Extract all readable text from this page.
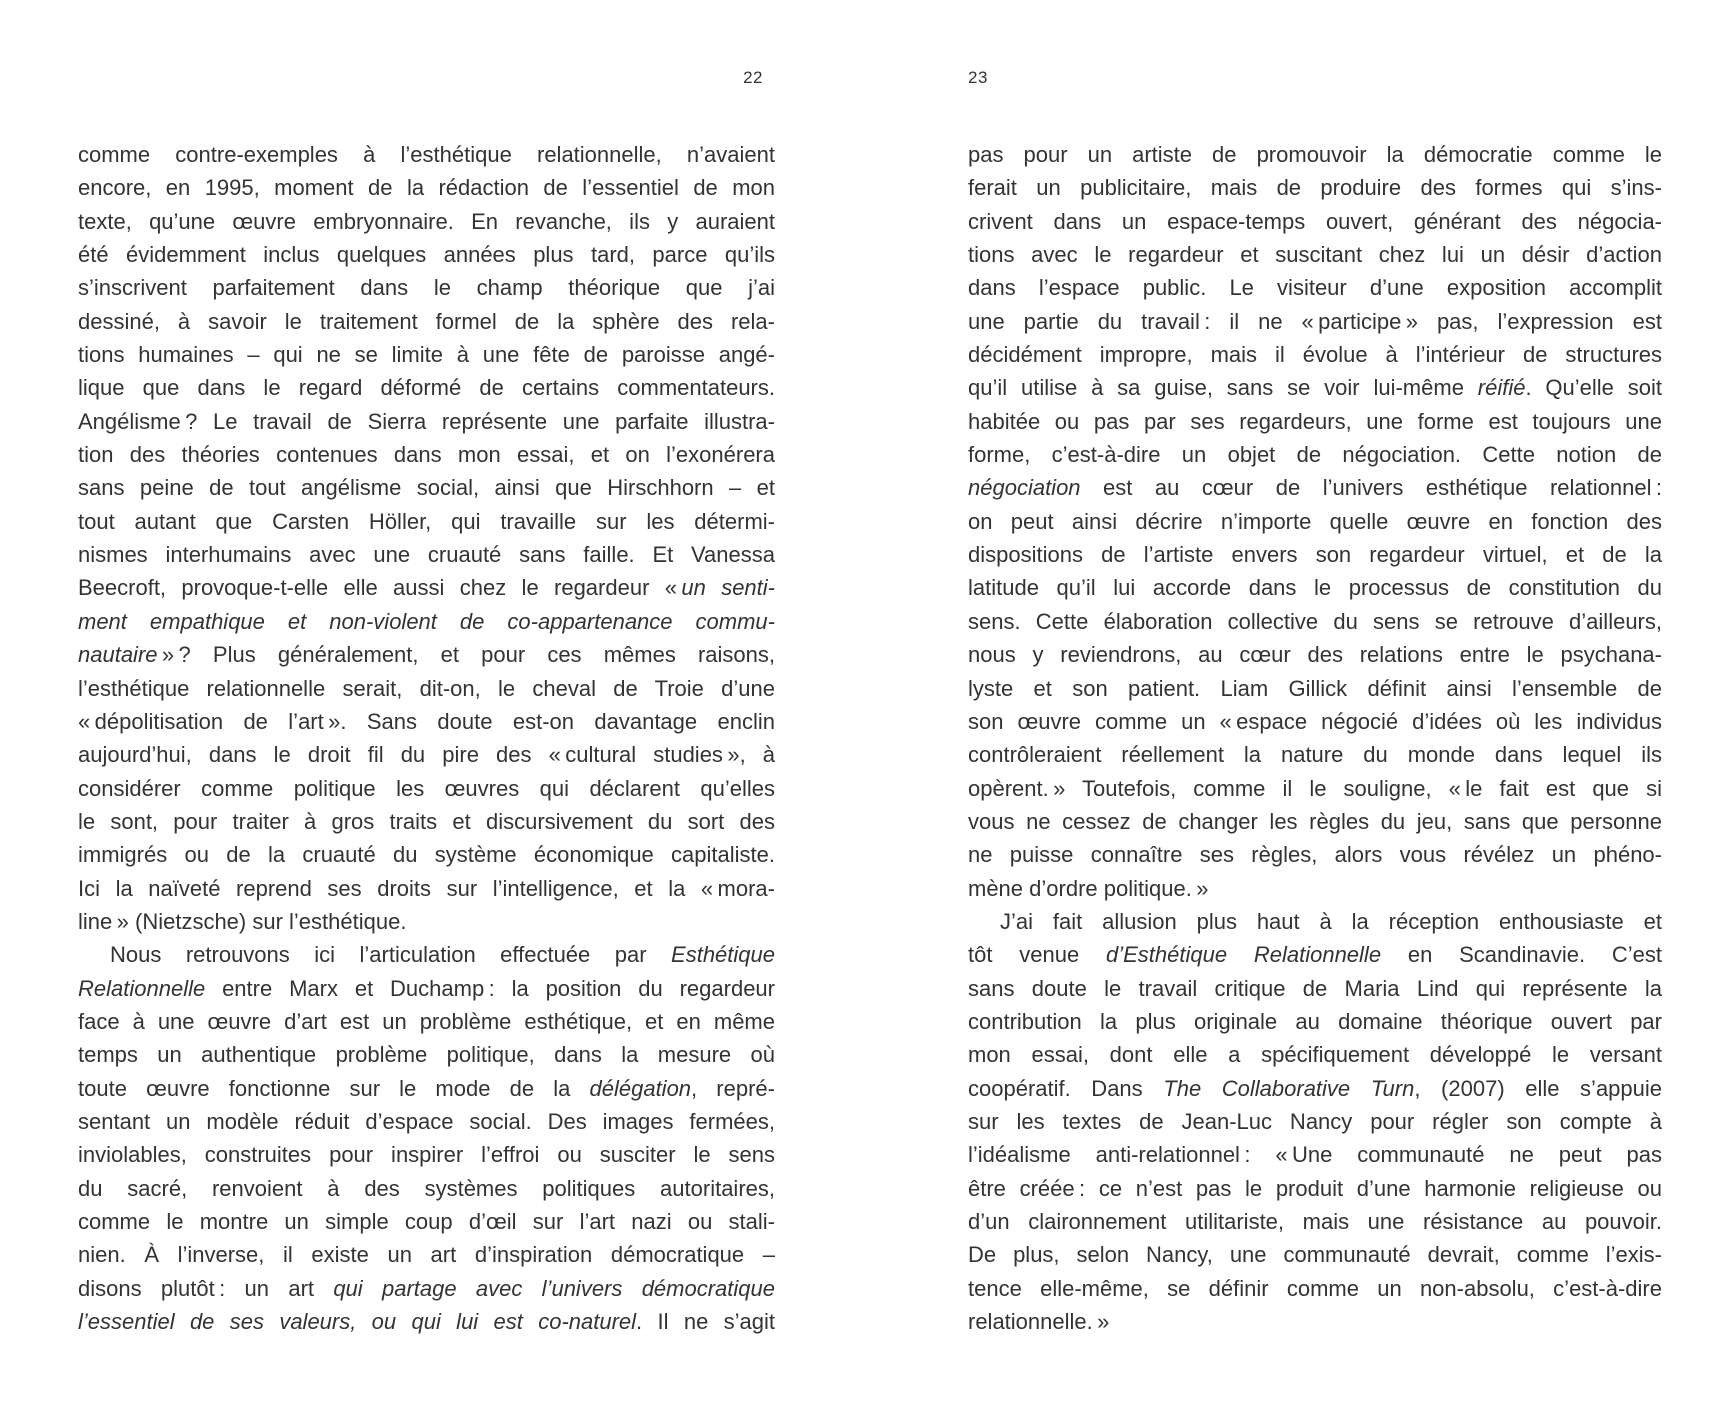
22	23
comme contre-exemples à l’esthétique relationnelle, n’avaient
encore, en 1995, moment de la rédaction de l’essentiel de mon
texte, qu’une œuvre embryonnaire. En revanche, ils y auraient
été évidemment inclus quelques années plus tard, parce qu’ils
s’inscrivent parfaitement dans le champ théorique que j’ai
dessiné, à savoir le traitement formel de la sphère des rela-
tions humaines – qui ne se limite à une fête de paroisse angé-
lique que dans le regard déformé de certains commentateurs.
Angélisme ? Le travail de Sierra représente une parfaite illustra-
tion des théories contenues dans mon essai, et on l’exonérera
sans peine de tout angélisme social, ainsi que Hirschhorn – et
tout autant que Carsten Höller, qui travaille sur les détermi-
nismes interhumains avec une cruauté sans faille. Et Vanessa
Beecroft, provoque-t-elle elle aussi chez le regardeur « un senti-
ment empathique et non-violent de co-appartenance commu-
nautaire » ? Plus généralement, et pour ces mêmes raisons,
l’esthétique relationnelle serait, dit-on, le cheval de Troie d’une
« dépolitisation de l’art ». Sans doute est-on davantage enclin
aujourd’hui, dans le droit fil du pire des « cultural studies », à
considérer comme politique les œuvres qui déclarent qu’elles
le sont, pour traiter à gros traits et discursivement du sort des
immigrés ou de la cruauté du système économique capitaliste.
Ici la naïveté reprend ses droits sur l’intelligence, et la « mora-
line » (Nietzsche) sur l’esthétique.
Nous retrouvons ici l’articulation effectuée par Esthétique
Relationnelle entre Marx et Duchamp : la position du regardeur
face à une œuvre d’art est un problème esthétique, et en même
temps un authentique problème politique, dans la mesure où
toute œuvre fonctionne sur le mode de la délégation, repré-
sentant un modèle réduit d’espace social. Des images fermées,
inviolables, construites pour inspirer l’effroi ou susciter le sens
du sacré, renvoient à des systèmes politiques autoritaires,
comme le montre un simple coup d’œil sur l’art nazi ou stali-
nien. À l’inverse, il existe un art d’inspiration démocratique –
disons plutôt : un art qui partage avec l’univers démocratique
l’essentiel de ses valeurs, ou qui lui est co-naturel. Il ne s’agit
pas pour un artiste de promouvoir la démocratie comme le
ferait un publicitaire, mais de produire des formes qui s’ins-
crivent dans un espace-temps ouvert, générant des négocia-
tions avec le regardeur et suscitant chez lui un désir d’action
dans l’espace public. Le visiteur d’une exposition accomplit
une partie du travail : il ne « participe » pas, l’expression est
décidément impropre, mais il évolue à l’intérieur de structures
qu’il utilise à sa guise, sans se voir lui-même réifié. Qu’elle soit
habitée ou pas par ses regardeurs, une forme est toujours une
forme, c’est-à-dire un objet de négociation. Cette notion de
négociation est au cœur de l’univers esthétique relationnel :
on peut ainsi décrire n’importe quelle œuvre en fonction des
dispositions de l’artiste envers son regardeur virtuel, et de la
latitude qu’il lui accorde dans le processus de constitution du
sens. Cette élaboration collective du sens se retrouve d’ailleurs,
nous y reviendrons, au cœur des relations entre le psychana-
lyste et son patient. Liam Gillick définit ainsi l’ensemble de
son œuvre comme un « espace négocié d’idées où les individus
contrôleraient réellement la nature du monde dans lequel ils
opèrent. » Toutefois, comme il le souligne, « le fait est que si
vous ne cessez de changer les règles du jeu, sans que personne
ne puisse connaître ses règles, alors vous révélez un phéno-
mène d’ordre politique. »
J’ai fait allusion plus haut à la réception enthousiaste et
tôt venue d’Esthétique Relationnelle en Scandinavie. C’est
sans doute le travail critique de Maria Lind qui représente la
contribution la plus originale au domaine théorique ouvert par
mon essai, dont elle a spécifiquement développé le versant
coopératif. Dans The Collaborative Turn, (2007) elle s’appuie
sur les textes de Jean-Luc Nancy pour régler son compte à
l’idéalisme anti-relationnel : « Une communauté ne peut pas
être créée : ce n’est pas le produit d’une harmonie religieuse ou
d’un claironnement utilitariste, mais une résistance au pouvoir.
De plus, selon Nancy, une communauté devrait, comme l’exis-
tence elle-même, se définir comme un non-absolu, c’est-à-dire
relationnelle. »
